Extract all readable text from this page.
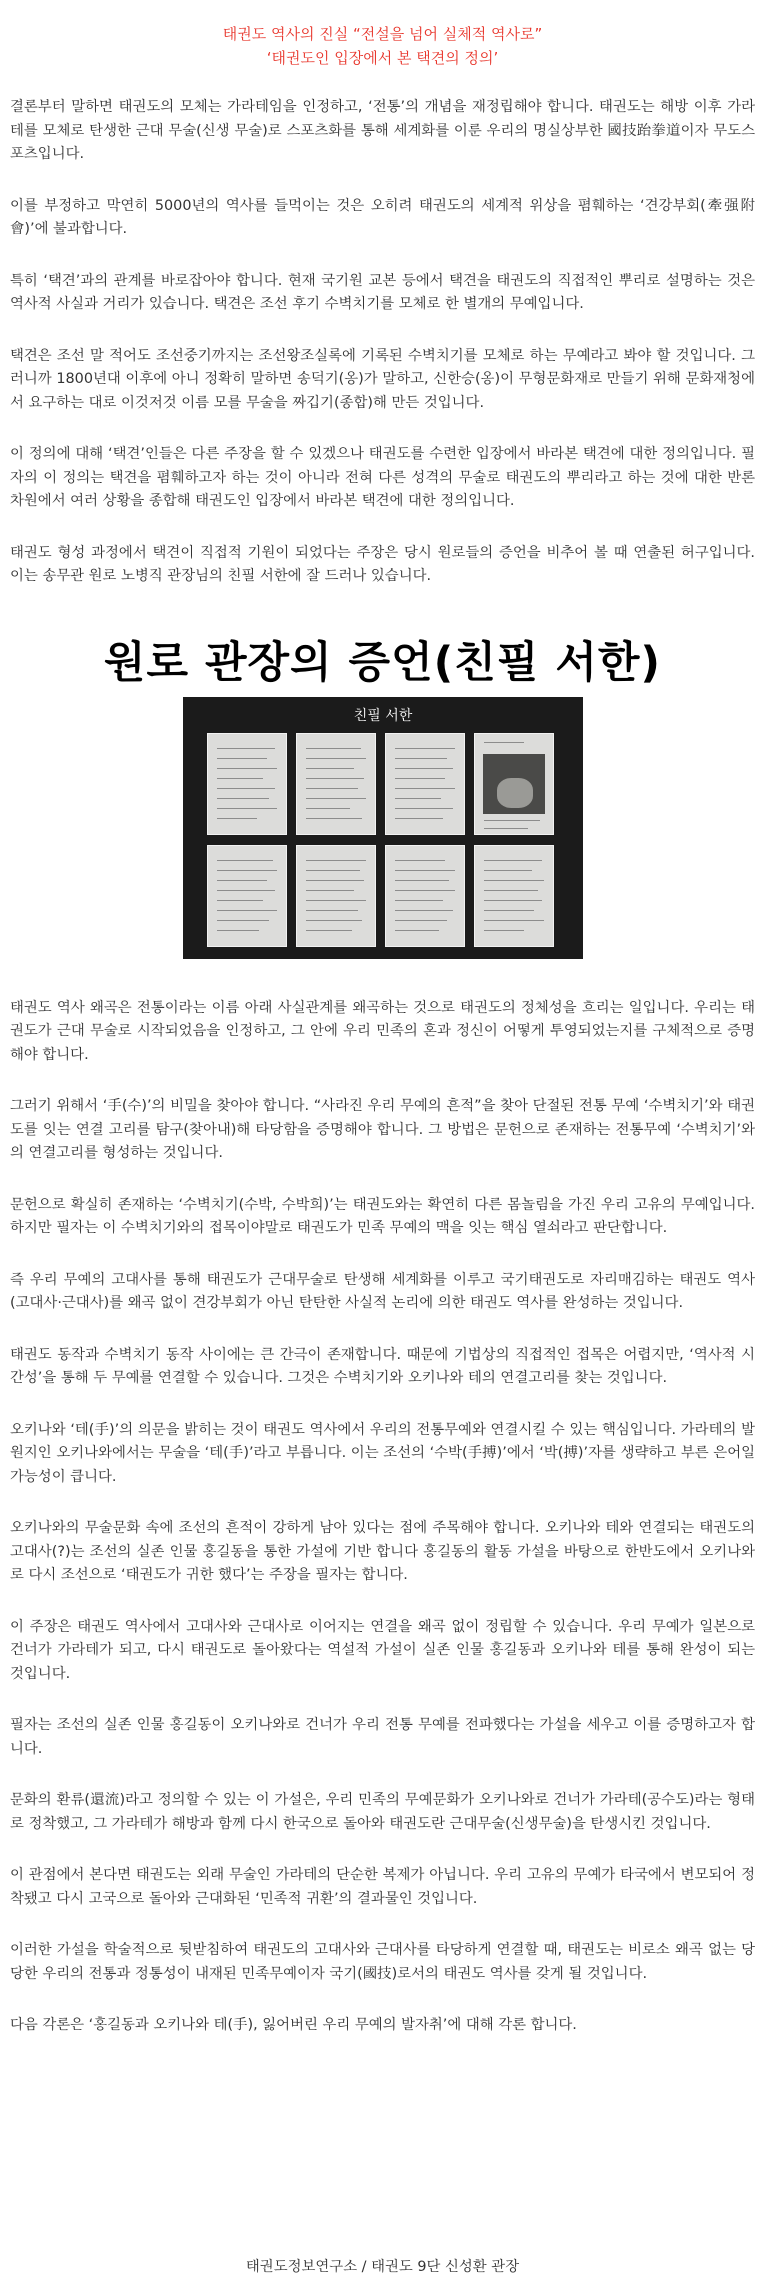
태권도 역사의 진실 “전설을 넘어 실체적 역사로”
‘태권도인 입장에서 본 택견의 정의’

결론부터 말하면 태권도의 모체는 가라테임을 인정하고, ‘전통’의 개념을 재정립해야 합니다. 태권도는 해방 이후 가라테를 모체로 탄생한 근대 무술(신생 무술)로 스포츠화를 통해 세계화를 이룬 우리의 명실상부한 國技跆拳道이자 무도스포츠입니다.

이를 부정하고 막연히 5000년의 역사를 들먹이는 것은 오히려 태권도의 세계적 위상을 폄훼하는 ‘견강부회(牽强附會)’에 불과합니다.

특히 ‘택견’과의 관계를 바로잡아야 합니다. 현재 국기원 교본 등에서 택견을 태권도의 직접적인 뿌리로 설명하는 것은 역사적 사실과 거리가 있습니다. 택견은 조선 후기 수벽치기를 모체로 한 별개의 무예입니다.

택견은 조선 말 적어도 조선중기까지는 조선왕조실록에 기록된 수벽치기를 모체로 하는 무예라고 봐야 할 것입니다. 그러니까 1800년대 이후에 아니 정확히 말하면 송덕기(옹)가 말하고, 신한승(옹)이 무형문화재로 만들기 위해 문화재청에서 요구하는 대로 이것저것 이름 모를 무술을 짜깁기(종합)해 만든 것입니다.

이 정의에 대해 ‘택견’인들은 다른 주장을 할 수 있겠으나 태권도를 수련한 입장에서 바라본 택견에 대한 정의입니다. 필자의 이 정의는 택견을 폄훼하고자 하는 것이 아니라 전혀 다른 성격의 무술로 태권도의 뿌리라고 하는 것에 대한 반론차원에서 여러 상황을 종합해 태권도인 입장에서 바라본 택견에 대한 정의입니다.

태권도 형성 과정에서 택견이 직접적 기원이 되었다는 주장은 당시 원로들의 증언을 비추어 볼 때 연출된 허구입니다. 이는 송무관 원로 노병직 관장님의 친필 서한에 잘 드러나 있습니다.

원로 관장의 증언(친필 서한)
친필 서한

태권도 역사 왜곡은 전통이라는 이름 아래 사실관계를 왜곡하는 것으로 태권도의 정체성을 흐리는 일입니다. 우리는 태권도가 근대 무술로 시작되었음을 인정하고, 그 안에 우리 민족의 혼과 정신이 어떻게 투영되었는지를 구체적으로 증명해야 합니다.

그러기 위해서 ‘手(수)’의 비밀을 찾아야 합니다. “사라진 우리 무예의 흔적”을 찾아 단절된 전통 무예 ‘수벽치기’와 태권도를 잇는 연결 고리를 탐구(찾아내)해 타당함을 증명해야 합니다. 그 방법은 문헌으로 존재하는 전통무예 ‘수벽치기’와의 연결고리를 형성하는 것입니다.

문헌으로 확실히 존재하는 ‘수벽치기(수박, 수박희)’는 태권도와는 확연히 다른 몸놀림을 가진 우리 고유의 무예입니다. 하지만 필자는 이 수벽치기와의 접목이야말로 태권도가 민족 무예의 맥을 잇는 핵심 열쇠라고 판단합니다.

즉 우리 무예의 고대사를 통해 태권도가 근대무술로 탄생해 세계화를 이루고 국기태권도로 자리매김하는 태권도 역사(고대사·근대사)를 왜곡 없이 견강부회가 아닌 탄탄한 사실적 논리에 의한 태권도 역사를 완성하는 것입니다.

태권도 동작과 수벽치기 동작 사이에는 큰 간극이 존재합니다. 때문에 기법상의 직접적인 접목은 어렵지만, ‘역사적 시간성’을 통해 두 무예를 연결할 수 있습니다. 그것은 수벽치기와 오키나와 테의 연결고리를 찾는 것입니다.

오키나와 ‘테(手)’의 의문을 밝히는 것이 태권도 역사에서 우리의 전통무예와 연결시킬 수 있는 핵심입니다. 가라테의 발원지인 오키나와에서는 무술을 ‘테(手)’라고 부릅니다. 이는 조선의 ‘수박(手搏)’에서 ‘박(搏)’자를 생략하고 부른 은어일 가능성이 큽니다.

오키나와의 무술문화 속에 조선의 흔적이 강하게 남아 있다는 점에 주목해야 합니다. 오키나와 테와 연결되는 태권도의 고대사(?)는 조선의 실존 인물 홍길동을 통한 가설에 기반 합니다 홍길동의 활동 가설을 바탕으로 한반도에서 오키나와로 다시 조선으로 ‘태권도가 귀한 했다’는 주장을 필자는 합니다.

이 주장은 태권도 역사에서 고대사와 근대사로 이어지는 연결을 왜곡 없이 정립할 수 있습니다. 우리 무예가 일본으로 건너가 가라테가 되고, 다시 태권도로 돌아왔다는 역설적 가설이 실존 인물 홍길동과 오키나와 테를 통해 완성이 되는 것입니다.

필자는 조선의 실존 인물 홍길동이 오키나와로 건너가 우리 전통 무예를 전파했다는 가설을 세우고 이를 증명하고자 합니다.

문화의 환류(還流)라고 정의할 수 있는 이 가설은, 우리 민족의 무예문화가 오키나와로 건너가 가라테(공수도)라는 형태로 정착했고, 그 가라테가 해방과 함께 다시 한국으로 돌아와 태권도란 근대무술(신생무술)을 탄생시킨 것입니다.

이 관점에서 본다면 태권도는 외래 무술인 가라테의 단순한 복제가 아닙니다. 우리 고유의 무예가 타국에서 변모되어 정착됐고 다시 고국으로 돌아와 근대화된 ‘민족적 귀환’의 결과물인 것입니다.

이러한 가설을 학술적으로 뒷받침하여 태권도의 고대사와 근대사를 타당하게 연결할 때, 태권도는 비로소 왜곡 없는 당당한 우리의 전통과 정통성이 내재된 민족무예이자 국기(國技)로서의 태권도 역사를 갖게 될 것입니다.

다음 각론은 ‘홍길동과 오키나와 테(手), 잃어버린 우리 무예의 발자취’에 대해 각론 합니다.

태권도정보연구소 / 태권도 9단 신성환 관장
